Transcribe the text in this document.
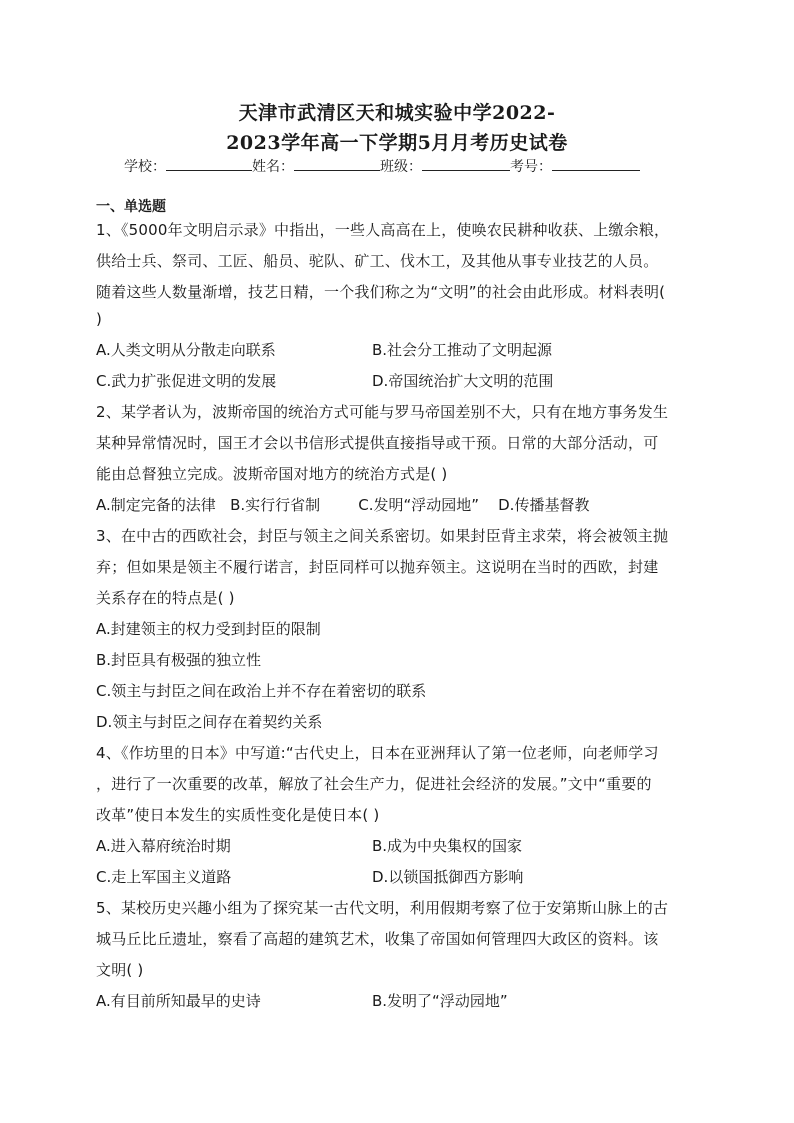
天津市武清区天和城实验中学2022-
2023学年高一下学期5月月考历史试卷
学校：	姓名：	班级：	考号：
一、单选题
1、《5000年文明启示录》中指出，一些人高高在上，使唤农民耕种收获、上缴余粮，
供给士兵、祭司、工匠、船员、驼队、矿工、伐木工，及其他从事专业技艺的人员。
随着这些人数量渐增，技艺日精，一个我们称之为“文明”的社会由此形成。材料表明(
)
A.人类文明从分散走向联系	B.社会分工推动了文明起源
C.武力扩张促进文明的发展	D.帝国统治扩大文明的范围
2、某学者认为，波斯帝国的统治方式可能与罗马帝国差别不大，只有在地方事务发生
某种异常情况时，国王才会以书信形式提供直接指导或干预。日常的大部分活动，可
能由总督独立完成。波斯帝国对地方的统治方式是( )
A.制定完备的法律   B.实行行省制        C.发明“浮动园地”    D.传播基督教
3、在中古的西欧社会，封臣与领主之间关系密切。如果封臣背主求荣，将会被领主抛
弃；但如果是领主不履行诺言，封臣同样可以抛弃领主。这说明在当时的西欧，封建
关系存在的特点是( )
A.封建领主的权力受到封臣的限制
B.封臣具有极强的独立性
C.领主与封臣之间在政治上并不存在着密切的联系
D.领主与封臣之间存在着契约关系
4、《作坊里的日本》中写道:“古代史上，日本在亚洲拜认了第一位老师，向老师学习
，进行了一次重要的改革，解放了社会生产力，促进社会经济的发展。”文中“重要的
改革”使日本发生的实质性变化是使日本( )
A.进入幕府统治时期	B.成为中央集权的国家
C.走上军国主义道路	D.以锁国抵御西方影响
5、某校历史兴趣小组为了探究某一古代文明，利用假期考察了位于安第斯山脉上的古
城马丘比丘遗址，察看了高超的建筑艺术，收集了帝国如何管理四大政区的资料。该
文明( )
A.有目前所知最早的史诗	B.发明了“浮动园地”
